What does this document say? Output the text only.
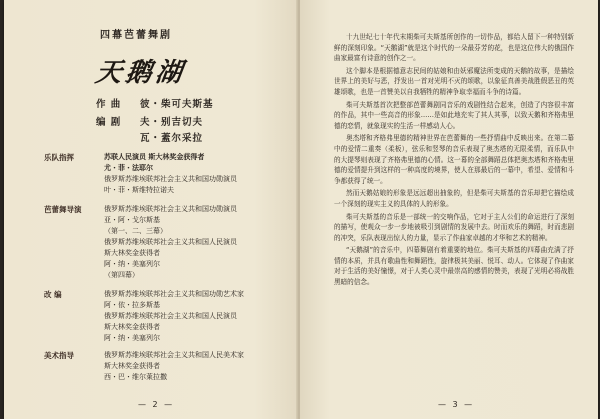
四幕芭蕾舞剧
天鹅湖
作 曲 彼・柴可夫斯基
编 剧 夫・别吉切夫
瓦・蓋尔采拉
乐队指挥	苏联人民演员 斯大林奖金获得者
尤・菲・法耶尔
俄罗斯苏维埃联邦社会主义共和国功勋演员
叶・菲・斯维特拉诺夫
芭蕾舞导演	俄罗斯苏维埃联邦社会主义共和国功勋演员
亚・阿・戈尔斯基
（第一、二、三幕）
俄罗斯苏维埃联邦社会主义共和国人民演员
斯大林奖金获得者
阿・纳・美塞列尔
（第四幕）
改 编	俄罗斯苏维埃联邦社会主义共和国功勋艺术家
阿・依・拉多斯基
俄罗斯苏维埃联邦社会主义共和国人民演员
斯大林奖金获得者
阿・纳・美塞列尔
美术指导	俄罗斯苏维埃联邦社会主义共和国人民美术家
斯大林奖金获得者
西・巴・维尔萊拉撒
— 2 —

十九世纪七十年代末期柴可夫斯基所创作的一切作品，都给人留下一种特别新鲜的深刻印象。“天鹅湖”就是这个时代的一朵最芬芳的花，也是这位伟大的俄国作曲家最富有诗意的创作之一。

这个脚本是根据德意志民间的姑娘和由妖邪魔法所变成的天鹅的故事，是描绘世界上的美好与恶，抒发出一首对光明不灭的颂歌，以象征真善美战胜假恶丑的英雄颂歌，也是一首赞美以自我牺牲的精神争取幸福而斗争的诗篇。

柴可夫斯基首次把整部芭蕾舞剧同音乐的戏剧性结合起来，创造了内容很丰富的作品，其中一些高音的形象……是如此地充实了其人其事，以致天鹅和齐格弗里德的恋情，就象现实的生活一样感动人心。

奥杰塔和齐格弗里德的精神世界在芭蕾舞的一些抒情曲中反映出来。在第二幕中的爱情二重奏（柔板），弦乐和竖琴的音乐表现了奥杰塔的无限柔情，而乐队中的大提琴则表现了齐格弗里德的心情。这一幕的全部舞蹈总体把奥杰塔和齐格弗里德的爱情提升到这样的一种高度的境界，使人在那最后的一幕中，希望、爱情和斗争都获得了统一。

然而天鹅姑娘的形象是远远超出抽象的，但是柴可夫斯基的音乐却把它描绘成一个深刻的现实主义的具体的人的形象。

柴可夫斯基的音乐是一部统一的交响作品，它对于主人公们的命运进行了深刻的描写，使观众一步一步地被吸引到剧情的发展中去。时而欢乐的舞蹈，时而悲剧的冲突，乐队表现出惊人的力量，显示了作曲家卓越的才华和艺术的精神。

“天鹅湖”的音乐中，四幕舞剧有着重要的地位。柴可夫斯基的四幕曲充满了抒情的本质，并具有歌曲性和舞蹈性，旋律极其美丽、悦耳、动人。它体现了作曲家对于生活的美好憧憬，对于人类心灵中最崇高的感情的赞美，表现了光明必将战胜黑暗的信念。

— 3 —
